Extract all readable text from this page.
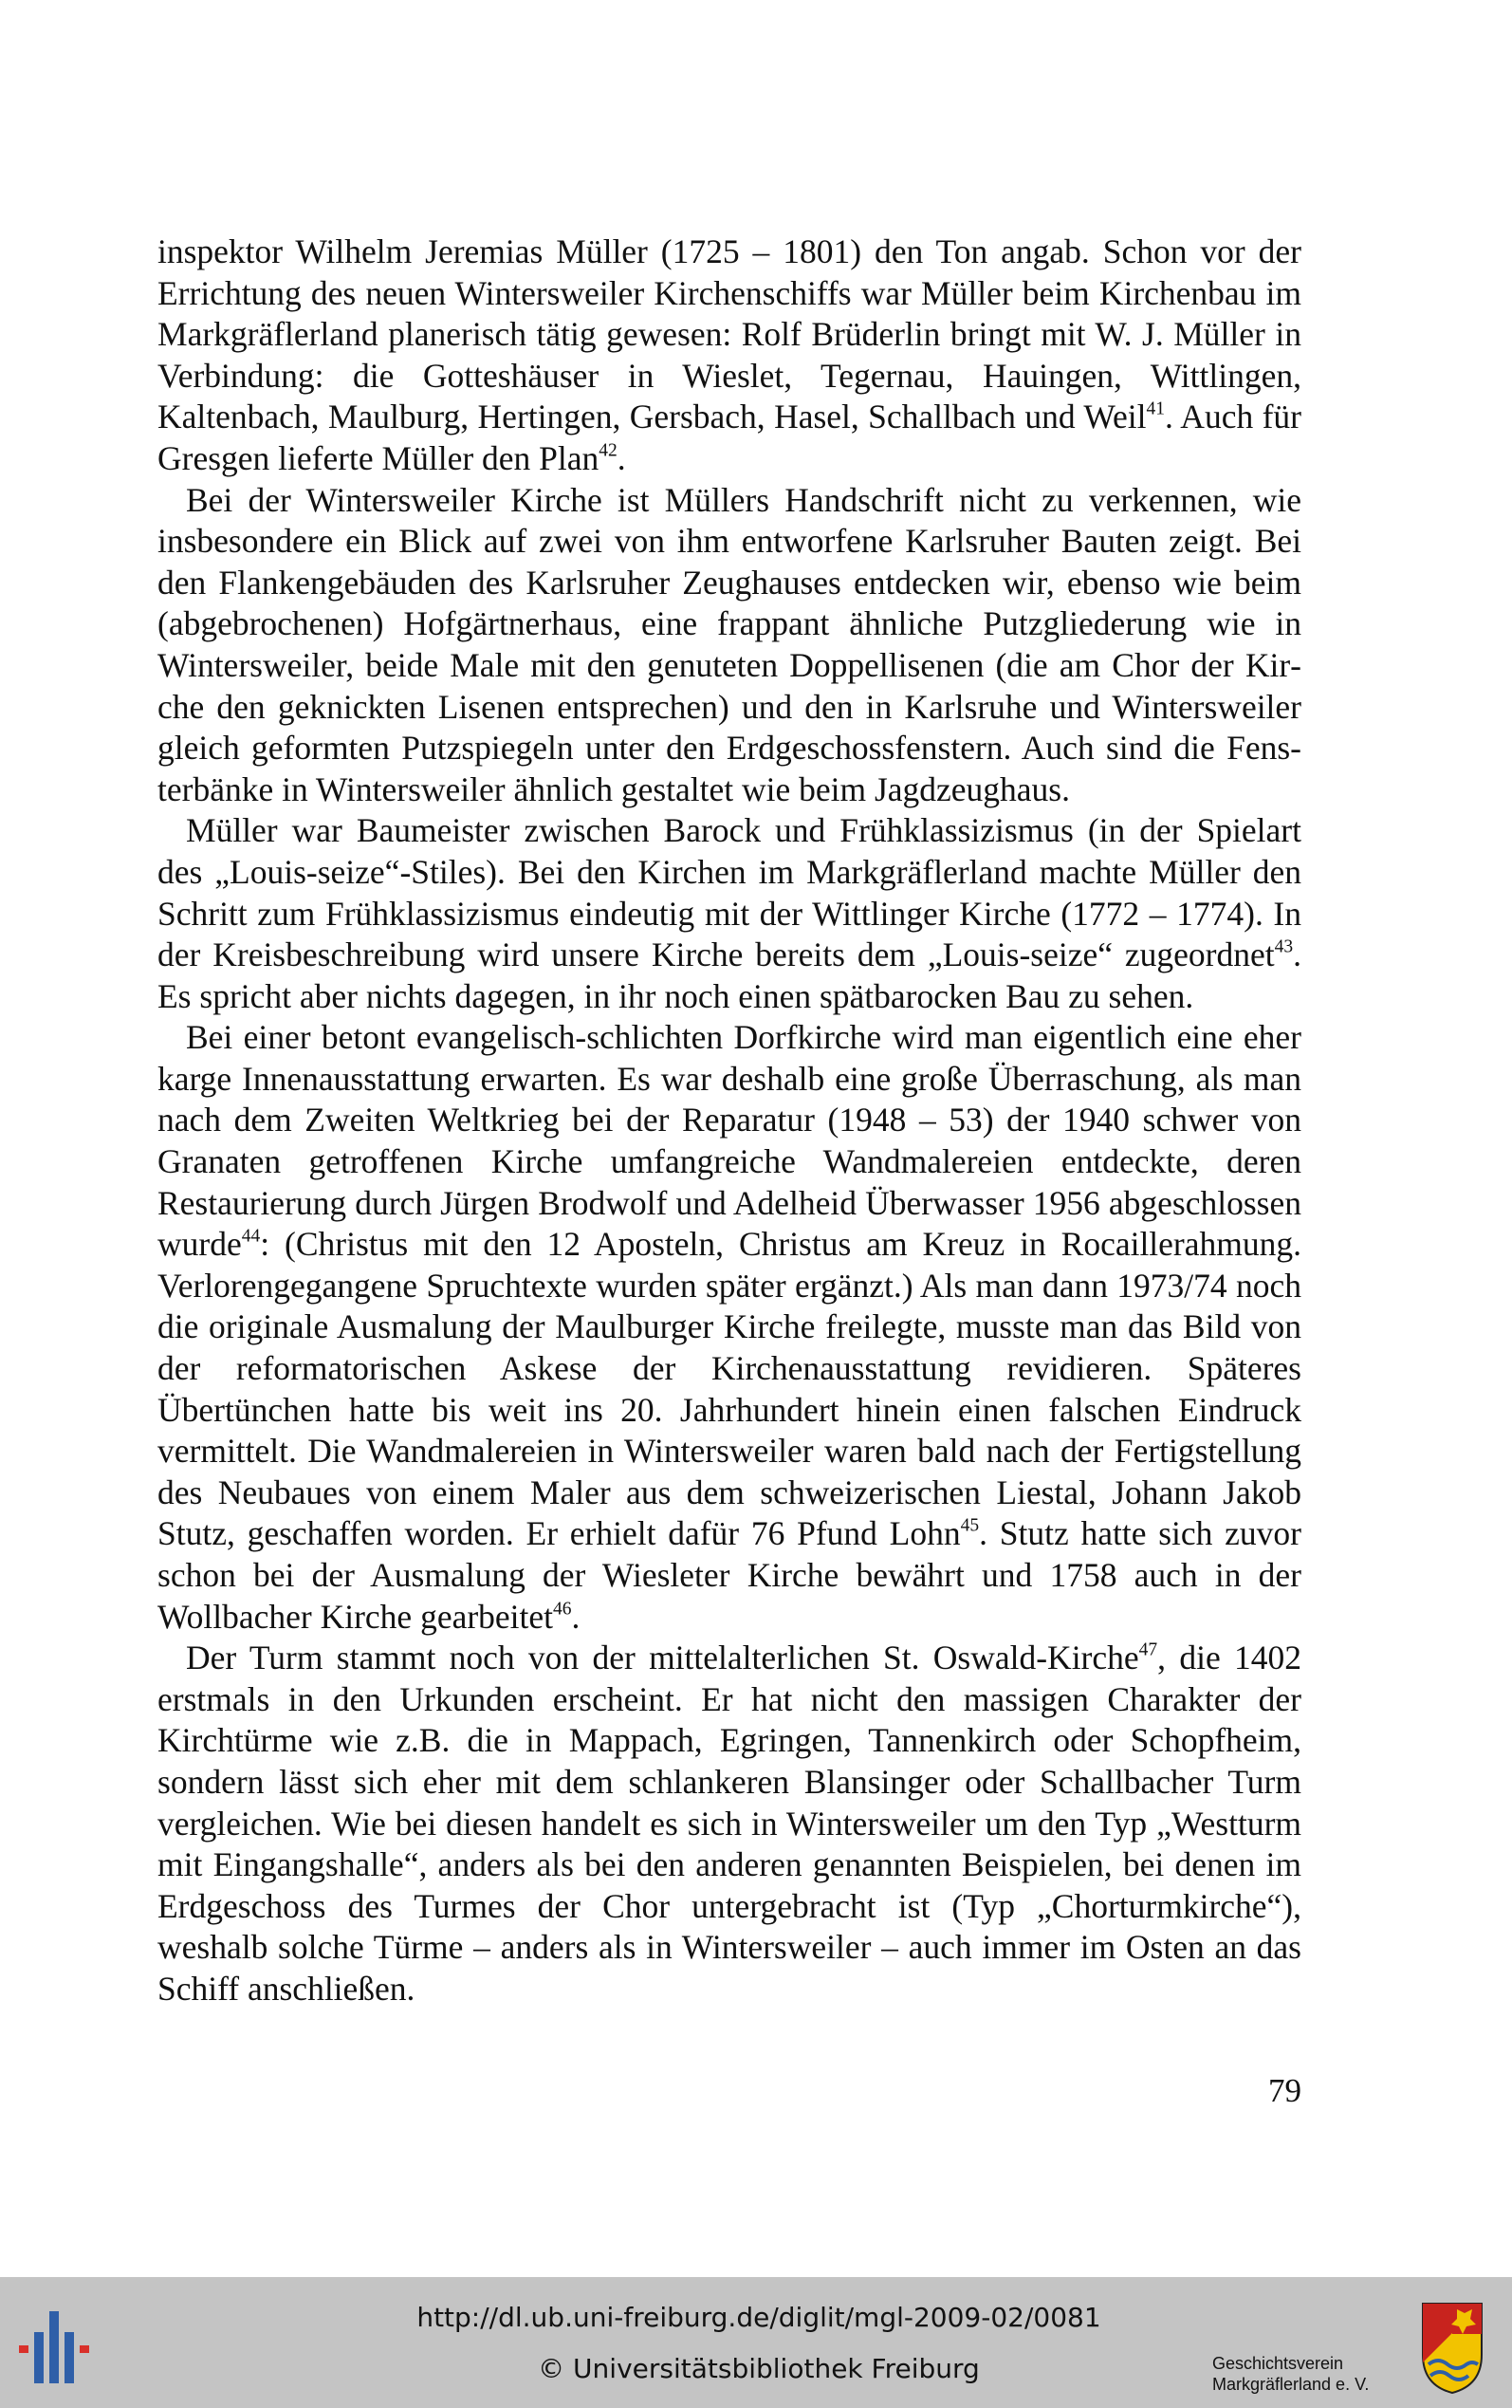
inspektor Wilhelm Jeremias Müller (1725 – 1801) den Ton angab. Schon vor der Errichtung des neuen Wintersweiler Kirchenschiffs war Müller beim Kirchenbau im Markgräflerland planerisch tätig gewesen: Rolf Brüderlin bringt mit W. J. Müller in Verbindung: die Gotteshäuser in Wieslet, Tegernau, Hauingen, Wittlingen, Kaltenbach, Maulburg, Hertingen, Gersbach, Hasel, Schallbach und Weil$^{41}$. Auch für Gresgen lieferte Müller den Plan$^{42}$.

Bei der Wintersweiler Kirche ist Müllers Handschrift nicht zu verkennen, wie insbesondere ein Blick auf zwei von ihm entworfene Karlsruher Bauten zeigt. Bei den Flankengebäuden des Karlsruher Zeughauses entdecken wir, ebenso wie beim (abgebrochenen) Hofgärtnerhaus, eine frappant ähnliche Putzgliederung wie in Wintersweiler, beide Male mit den genuteten Doppellisenen (die am Chor der Kirche den geknickten Lisenen entsprechen) und den in Karlsruhe und Wintersweiler gleich geformten Putzspiegeln unter den Erdgeschossfenstern. Auch sind die Fensterbänke in Wintersweiler ähnlich gestaltet wie beim Jagdzeughaus.

Müller war Baumeister zwischen Barock und Frühklassizismus (in der Spielart des „Louis-seize“-Stiles). Bei den Kirchen im Markgräflerland machte Müller den Schritt zum Frühklassizismus eindeutig mit der Wittlinger Kirche (1772 – 1774). In der Kreisbeschreibung wird unsere Kirche bereits dem „Louis-seize“ zugeordnet$^{43}$. Es spricht aber nichts dagegen, in ihr noch einen spätbarocken Bau zu sehen.

Bei einer betont evangelisch-schlichten Dorfkirche wird man eigentlich eine eher karge Innenausstattung erwarten. Es war deshalb eine große Überraschung, als man nach dem Zweiten Weltkrieg bei der Reparatur (1948 – 53) der 1940 schwer von Granaten getroffenen Kirche umfangreiche Wandmalereien entdeckte, deren Restaurierung durch Jürgen Brodwolf und Adelheid Überwasser 1956 abgeschlossen wurde$^{44}$: (Christus mit den 12 Aposteln, Christus am Kreuz in Rocaillerahmung. Verlorengegangene Spruchtexte wurden später ergänzt.) Als man dann 1973/74 noch die originale Ausmalung der Maulburger Kirche freilegte, musste man das Bild von der reformatorischen Askese der Kirchenausstattung revidieren. Späteres Übertünchen hatte bis weit ins 20. Jahrhundert hinein einen falschen Eindruck vermittelt. Die Wandmalereien in Wintersweiler waren bald nach der Fertigstellung des Neubaues von einem Maler aus dem schweizerischen Liestal, Johann Jakob Stutz, geschaffen worden. Er erhielt dafür 76 Pfund Lohn$^{45}$. Stutz hatte sich zuvor schon bei der Ausmalung der Wiesleter Kirche bewährt und 1758 auch in der Wollbacher Kirche gearbeitet$^{46}$.

Der Turm stammt noch von der mittelalterlichen St. Oswald-Kirche$^{47}$, die 1402 erstmals in den Urkunden erscheint. Er hat nicht den massigen Charakter der Kirchtürme wie z.B. die in Mappach, Egringen, Tannenkirch oder Schopfheim, sondern lässt sich eher mit dem schlankeren Blansinger oder Schallbacher Turm vergleichen. Wie bei diesen handelt es sich in Wintersweiler um den Typ „Westturm mit Eingangshalle“, anders als bei den anderen genannten Beispielen, bei denen im Erdgeschoss des Turmes der Chor untergebracht ist (Typ „Chorturmkirche“), weshalb solche Türme – anders als in Wintersweiler – auch immer im Osten an das Schiff anschließen.

79
http://dl.ub.uni-freiburg.de/diglit/mgl-2009-02/0081
© Universitätsbibliothek Freiburg	Geschichtsverein
Markgräflerland e. V.
